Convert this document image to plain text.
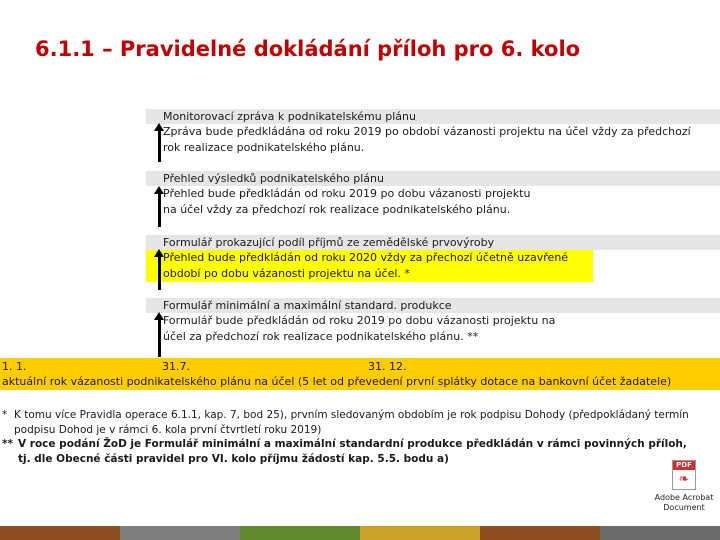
6.1.1 – Pravidelné dokládání příloh pro 6. kolo
Monitorovací zpráva k podnikatelskému plánu
Zpráva bude předkládána od roku 2019 po období vázanosti projektu na účel vždy za předchozí rok realizace podnikatelského plánu.
Přehled výsledků podnikatelského plánu
Přehled bude předkládán od roku 2019 po dobu vázanosti projektu na účel vždy za předchozí rok realizace podnikatelského plánu.
Formulář prokazující podíl příjmů ze zemědělské prvovýroby
Přehled bude předkládán od roku 2020 vždy za přechozí účetně uzavřené období po dobu vázanosti projektu na účel. *
Formulář minimální a maximální standard. produkce
Formulář bude předkládán od roku 2019 po dobu vázanosti projektu na účel za předchozí rok realizace podnikatelského plánu. **
1. 1.	31.7.	31. 12.
aktuální rok vázanosti podnikatelského plánu na účel (5 let od převedení první splátky dotace na bankovní účet žadatele)
* K tomu více Pravidla operace 6.1.1, kap. 7, bod 25), prvním sledovaným obdobím je rok podpisu Dohody (předpokládaný termín podpisu Dohod je v rámci 6. kola první čtvrtletí roku 2019)
** V roce podání ŽoD je Formulář minimální a maximální standardní produkce předkládán v rámci povinných příloh, tj. dle Obecné části pravidel pro VI. kolo příjmu žádostí kap. 5.5. bodu a)
PDF
❧
Adobe Acrobat Document
